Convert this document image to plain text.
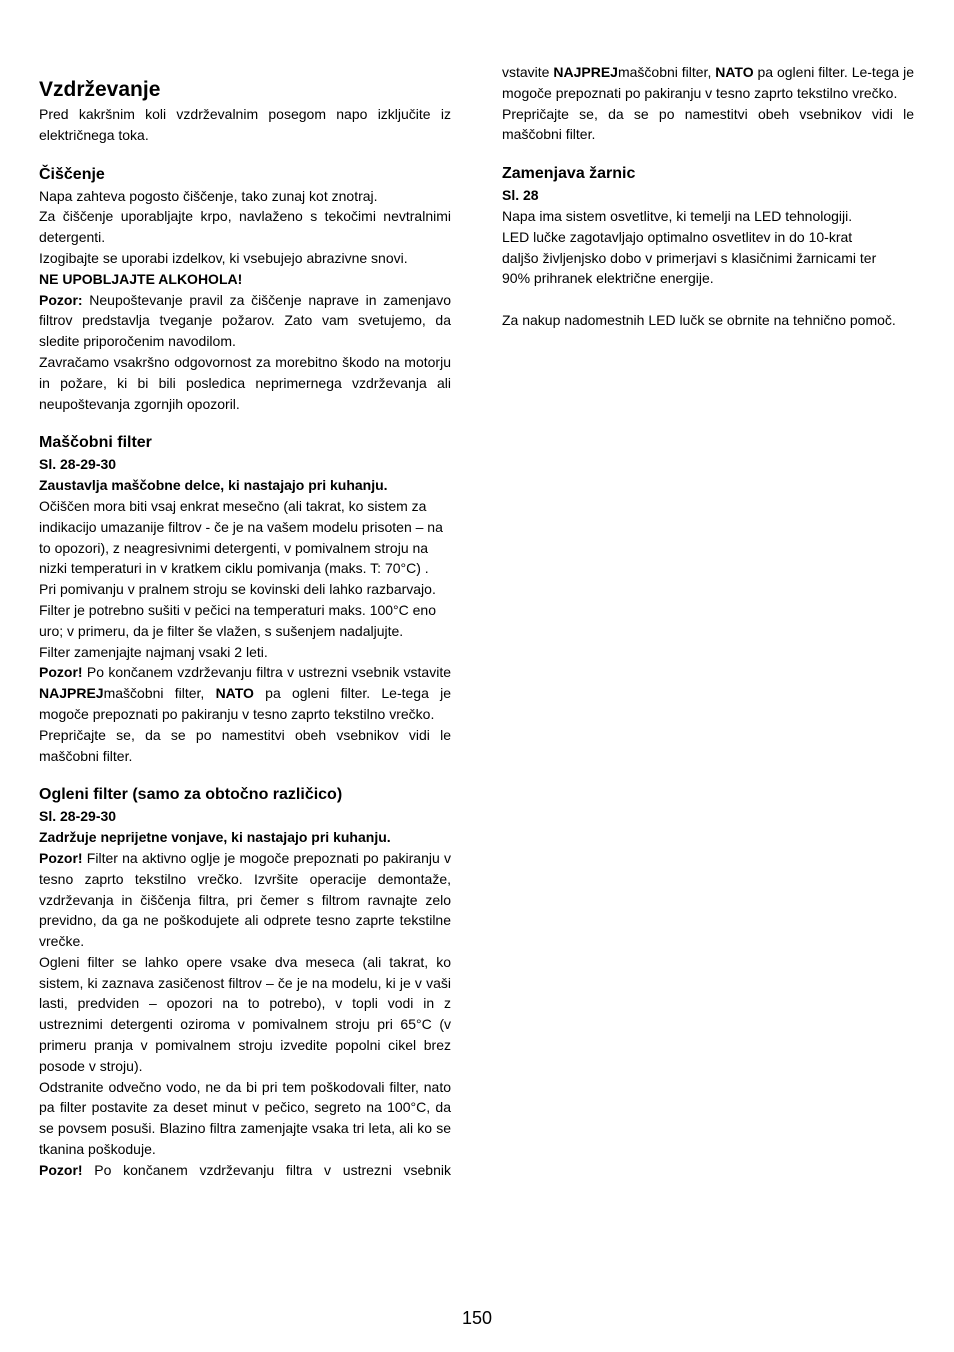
Vzdrževanje

Pred kakršnim koli vzdrževalnim posegom napo izključite iz električnega toka.

Čiščenje

Napa zahteva pogosto čiščenje, tako zunaj kot znotraj.

Za čiščenje uporabljajte krpo, navlaženo s tekočimi nevtralnimi detergenti.

Izogibajte se uporabi izdelkov, ki vsebujejo abrazivne snovi.

NE UPOBLJAJTE ALKOHOLA!

Pozor: Neupoštevanje pravil za čiščenje naprave in zamenjavo filtrov predstavlja tveganje požarov. Zato vam svetujemo, da sledite priporočenim navodilom.

Zavračamo vsakršno odgovornost za morebitno škodo na motorju in požare, ki bi bili posledica neprimernega vzdrževanja ali neupoštevanja zgornjih opozoril.

Maščobni filter

Sl. 28-29-30

Zaustavlja maščobne delce, ki nastajajo pri kuhanju.

Očiščen mora biti vsaj enkrat mesečno (ali takrat, ko sistem za indikacijo umazanije filtrov - če je na vašem modelu prisoten – na to opozori), z neagresivnimi detergenti, v pomivalnem stroju na nizki temperaturi in v kratkem ciklu pomivanja (maks. T: 70°C) .

Pri pomivanju v pralnem stroju se kovinski deli lahko razbarvajo.

Filter je potrebno sušiti v pečici na temperaturi maks. 100°C eno uro; v primeru, da je filter še vlažen, s sušenjem nadaljujte.

Filter zamenjajte najmanj vsaki 2 leti.

Pozor! Po končanem vzdrževanju filtra v ustrezni vsebnik vstavite NAJPREJmaščobni filter, NATO pa ogleni filter. Le-tega je mogoče prepoznati po pakiranju v tesno zaprto tekstilno vrečko.

Prepričajte se, da se po namestitvi obeh vsebnikov vidi le maščobni filter.

Ogleni filter (samo za obtočno različico)

Sl. 28-29-30

Zadržuje neprijetne vonjave, ki nastajajo pri kuhanju.

Pozor! Filter na aktivno oglje je mogoče prepoznati po pakiranju v tesno zaprto tekstilno vrečko. Izvršite operacije demontaže, vzdrževanja in čiščenja filtra, pri čemer s filtrom ravnajte zelo previdno, da ga ne poškodujete ali odprete tesno zaprte tekstilne vrečke.

Ogleni filter se lahko opere vsake dva meseca (ali takrat, ko sistem, ki zaznava zasičenost filtrov – če je na modelu, ki je v vaši lasti, predviden – opozori na to potrebo), v topli vodi in z ustreznimi detergenti oziroma v pomivalnem stroju pri 65°C (v primeru pranja v pomivalnem stroju izvedite popolni cikel brez posode v stroju).

Odstranite odvečno vodo, ne da bi pri tem poškodovali filter, nato pa filter postavite za deset minut v pečico, segreto na 100°C, da se povsem posuši. Blazino filtra zamenjajte vsaka tri leta, ali ko se tkanina poškoduje.

Pozor! Po končanem vzdrževanju filtra v ustrezni vsebnik

vstavite NAJPREJmaščobni filter, NATO pa ogleni filter. Le-tega je mogoče prepoznati po pakiranju v tesno zaprto tekstilno vrečko.

Prepričajte se, da se po namestitvi obeh vsebnikov vidi le maščobni filter.

Zamenjava žarnic

Sl. 28

Napa ima sistem osvetlitve, ki temelji na LED tehnologiji.

LED lučke zagotavljajo optimalno osvetlitev in do 10-krat

daljšo življenjsko dobo v primerjavi s klasičnimi žarnicami ter

90% prihranek električne energije.

Za nakup nadomestnih LED lučk se obrnite na tehnično pomoč.

150
